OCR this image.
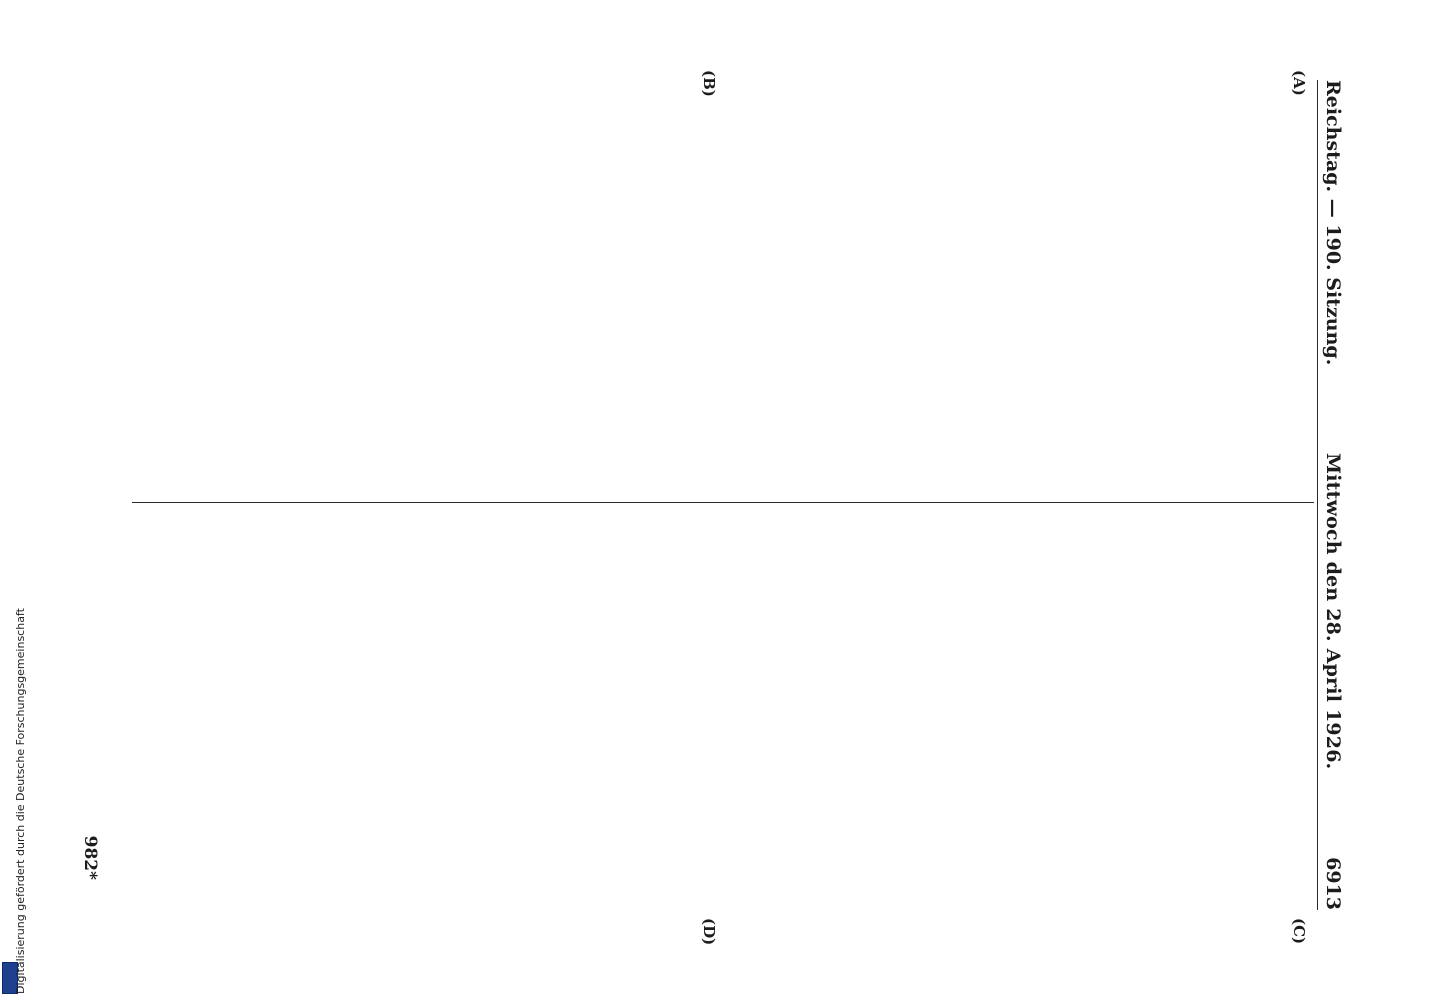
Reichstag. — 190. Sitzung.
Mittwoch den 28. April 1926.
6913
(A)
(B)
(C)
(D)
982*
Digitalisierung gefördert durch die Deutsche Forschungsgemeinschaft
